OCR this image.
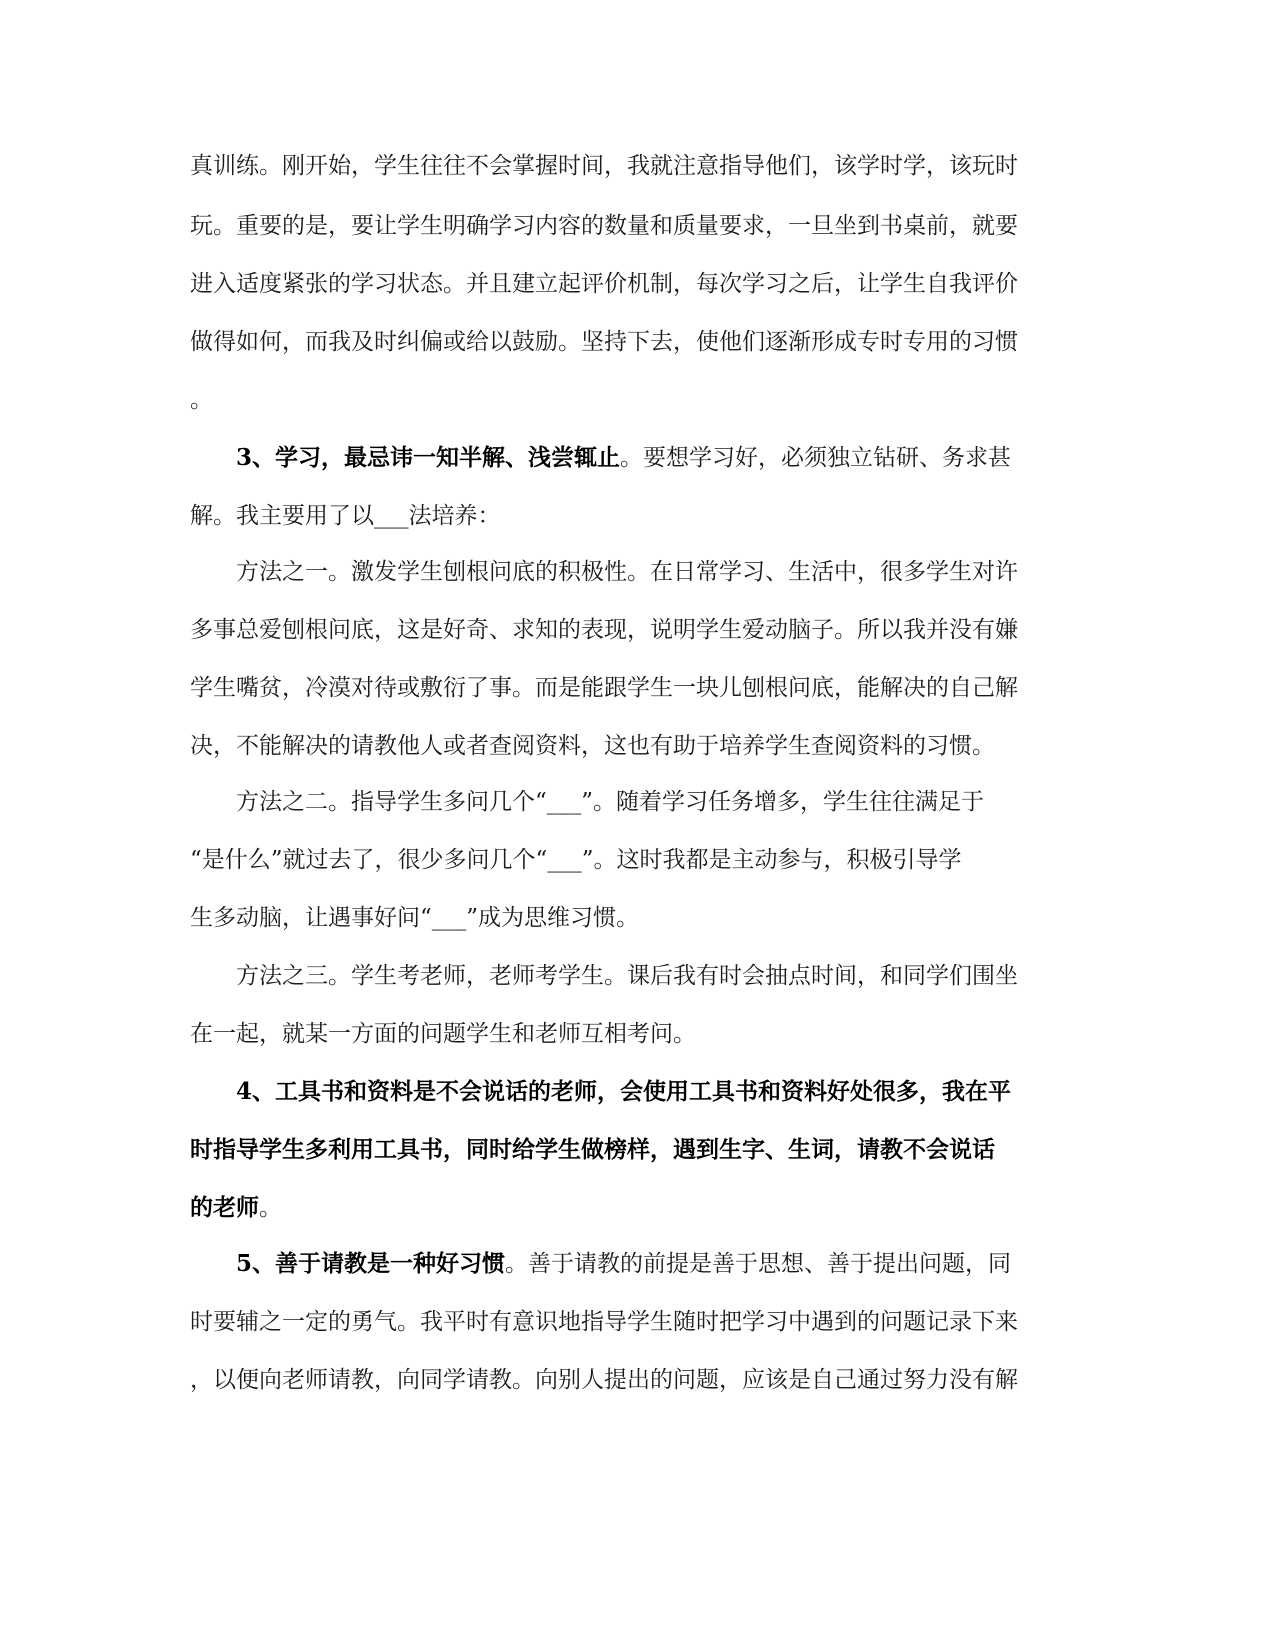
真训练。刚开始，学生往往不会掌握时间，我就注意指导他们，该学时学，该玩时
玩。重要的是，要让学生明确学习内容的数量和质量要求，一旦坐到书桌前，就要
进入适度紧张的学习状态。并且建立起评价机制，每次学习之后，让学生自我评价
做得如何，而我及时纠偏或给以鼓励。坚持下去，使他们逐渐形成专时专用的习惯
。
3、学习，最忌讳一知半解、浅尝辄止。要想学习好，必须独立钻研、务求甚
解。我主要用了以___法培养：
方法之一。激发学生刨根问底的积极性。在日常学习、生活中，很多学生对许
多事总爱刨根问底，这是好奇、求知的表现，说明学生爱动脑子。所以我并没有嫌
学生嘴贫，冷漠对待或敷衍了事。而是能跟学生一块儿刨根问底，能解决的自己解
决，不能解决的请教他人或者查阅资料，这也有助于培养学生查阅资料的习惯。
方法之二。指导学生多问几个“___”。随着学习任务增多，学生往往满足于
“是什么”就过去了，很少多问几个“___”。这时我都是主动参与，积极引导学
生多动脑，让遇事好问“___”成为思维习惯。
方法之三。学生考老师，老师考学生。课后我有时会抽点时间，和同学们围坐
在一起，就某一方面的问题学生和老师互相考问。
4、工具书和资料是不会说话的老师，会使用工具书和资料好处很多，我在平
时指导学生多利用工具书，同时给学生做榜样，遇到生字、生词，请教不会说话
的老师。
5、善于请教是一种好习惯。善于请教的前提是善于思想、善于提出问题，同
时要辅之一定的勇气。我平时有意识地指导学生随时把学习中遇到的问题记录下来
，以便向老师请教，向同学请教。向别人提出的问题，应该是自己通过努力没有解
